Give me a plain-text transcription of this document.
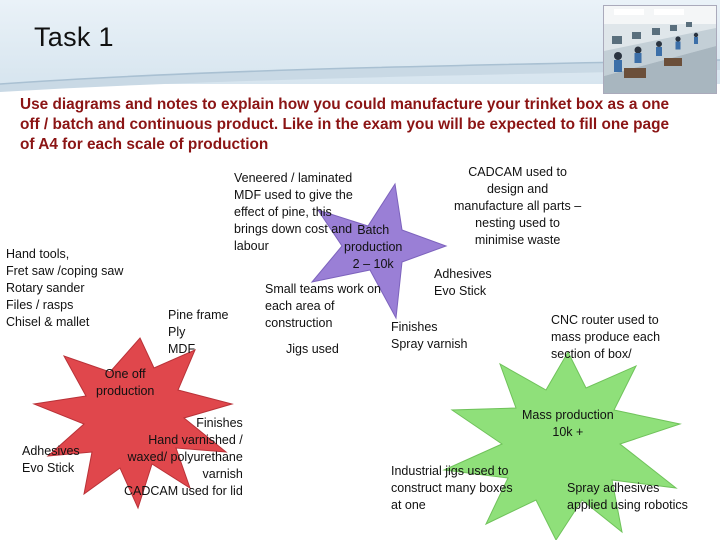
Task 1
Use diagrams and notes to explain how you could manufacture your trinket box as a one off / batch and continuous product. Like in the exam you will be expected to fill one page of A4 for each scale of production
One off
production
Hand tools,
Fret saw /coping saw
Rotary sander
Files / rasps
Chisel & mallet	Pine frame
Ply
MDF
Adhesives
Evo Stick
Finishes
Hand varnished /
waxed/ polyurethane
varnish
CADCAM used for lid
Veneered / laminated
MDF used to give the
effect of pine, this
brings down cost and
labour
Batch
production
2 – 10k
CADCAM used to
design and
manufacture all parts –
nesting used to
minimise waste
Small teams work on
each area of
construction
Adhesives
Evo Stick
Jigs used
Finishes
Spray varnish
CNC router used to
mass produce each
section of box/
Mass production
10k +
Industrial jigs used to
construct many boxes
at one
Spray adhesives
applied using robotics
